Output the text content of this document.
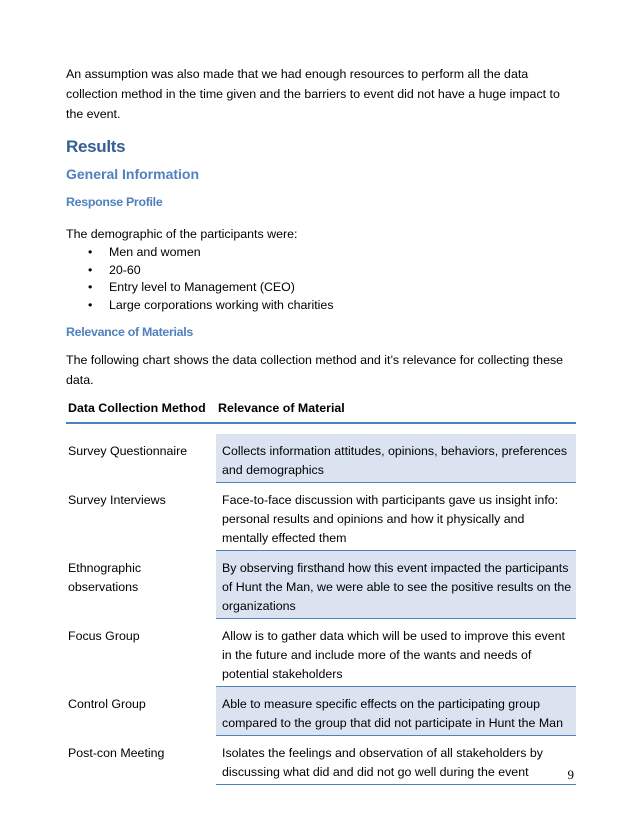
An assumption was also made that we had enough resources to perform all the data collection method in the time given and the barriers to event did not have a huge impact to the event.

Results
General Information
Response Profile

The demographic of the participants were:

• Men and women
• 20-60
• Entry level to Management (CEO)
• Large corporations working with charities
Relevance of Materials

The following chart shows the data collection method and it’s relevance for collecting these data.

Data Collection Method	Relevance of Material

Survey Questionnaire	Collects information attitudes, opinions, behaviors, preferences and demographics
Survey Interviews	Face-to-face discussion with participants gave us insight info: personal results and opinions and how it physically and mentally effected them
Ethnographic observations	By observing firsthand how this event impacted the participants of Hunt the Man, we were able to see the positive results on the organizations
Focus Group	Allow is to gather data which will be used to improve this event in the future and include more of the wants and needs of potential stakeholders
Control Group	Able to measure specific effects on the participating group compared to the group that did not participate in Hunt the Man
Post-con Meeting	Isolates the feelings and observation of all stakeholders by discussing what did and did not go well during the event	9
